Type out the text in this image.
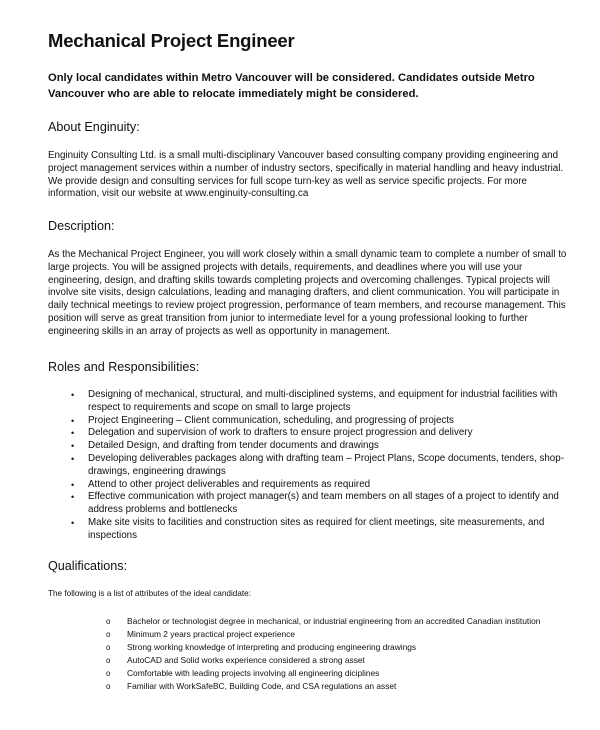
Mechanical Project Engineer

Only local candidates within Metro Vancouver will be considered. Candidates outside Metro Vancouver who are able to relocate immediately might be considered.

About Enginuity:

Enginuity Consulting Ltd. is a small multi-disciplinary Vancouver based consulting company providing engineering and project management services within a number of industry sectors, specifically in material handling and heavy industrial. We provide design and consulting services for full scope turn-key as well as service specific projects. For more information, visit our website at www.enginuity-consulting.ca

Description:

As the Mechanical Project Engineer, you will work closely within a small dynamic team to complete a number of small to large projects. You will be assigned projects with details, requirements, and deadlines where you will use your engineering, design, and drafting skills towards completing projects and overcoming challenges. Typical projects will involve site visits, design calculations, leading and managing drafters, and client communication. You will participate in daily technical meetings to review project progression, performance of team members, and recourse management. This position will serve as great transition from junior to intermediate level for a young professional looking to further engineering skills in an array of projects as well as opportunity in management.

Roles and Responsibilities:
• Designing of mechanical, structural, and multi-disciplined systems, and equipment for industrial facilities with respect to requirements and scope on small to large projects
• Project Engineering – Client communication, scheduling, and progressing of projects
• Delegation and supervision of work to drafters to ensure project progression and delivery
• Detailed Design, and drafting from tender documents and drawings
• Developing deliverables packages along with drafting team – Project Plans, Scope documents, tenders, shop-drawings, engineering drawings
• Attend to other project deliverables and requirements as required
• Effective communication with project manager(s) and team members on all stages of a project to identify and address problems and bottlenecks
• Make site visits to facilities and construction sites as required for client meetings, site measurements, and inspections
Qualifications:

The following is a list of attributes of the ideal candidate:

o Bachelor or technologist degree in mechanical, or industrial engineering from an accredited Canadian institution
o Minimum 2 years practical project experience
o Strong working knowledge of interpreting and producing engineering drawings
o AutoCAD and Solid works experience considered a strong asset
o Comfortable with leading projects involving all engineering diciplines
o Familiar with WorkSafeBC, Building Code, and CSA regulations an asset
